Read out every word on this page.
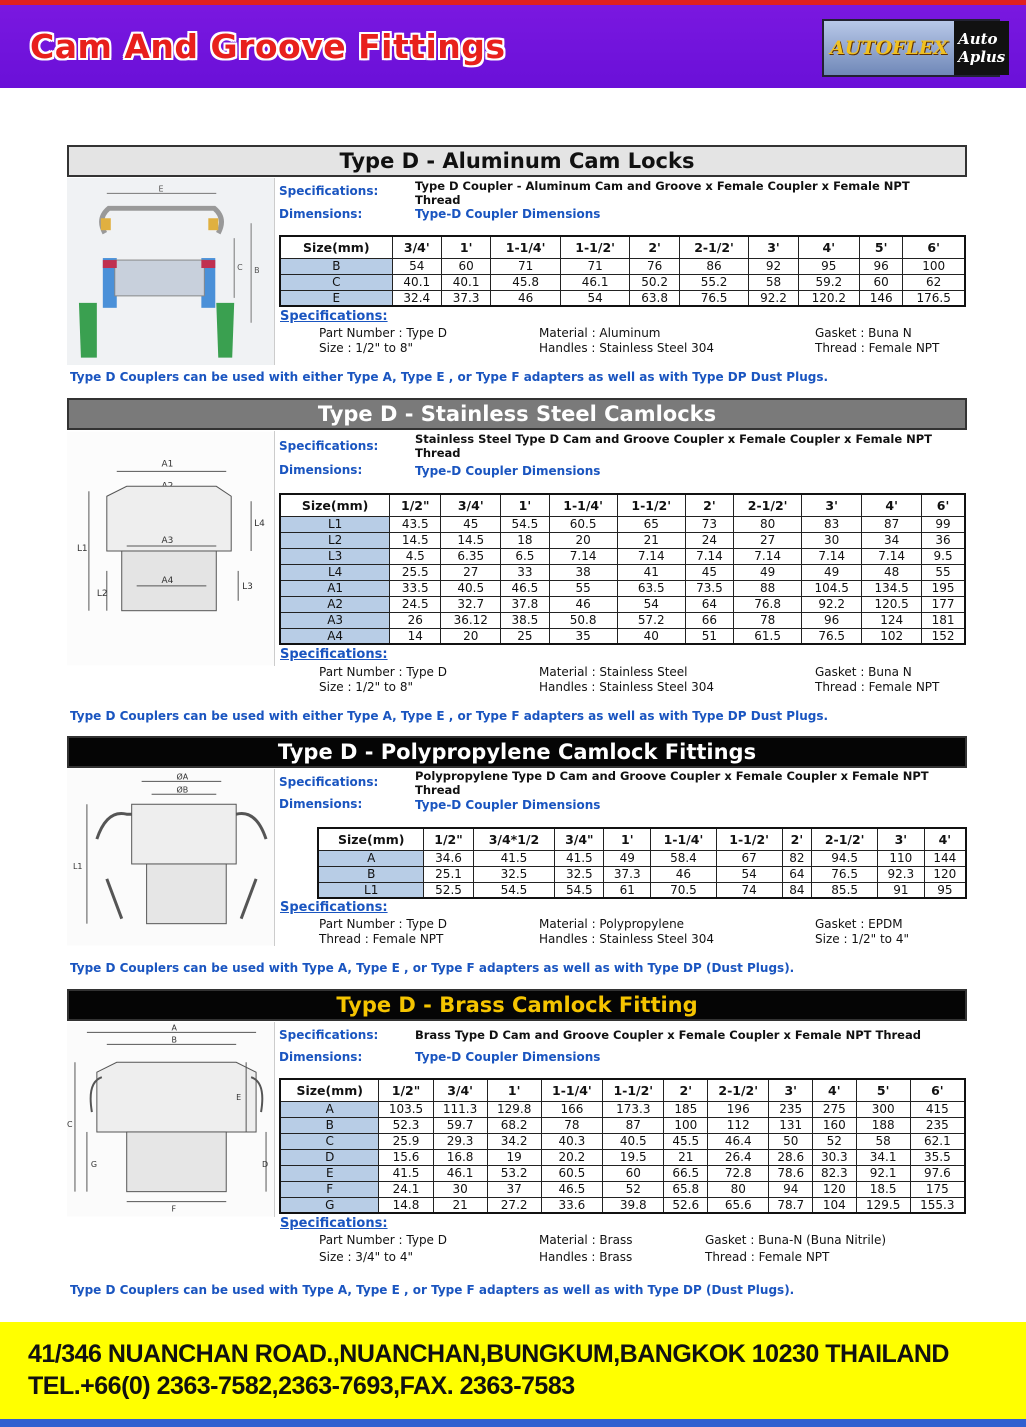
Cam And Groove Fittings	AUTOFLEX Auto Aplus
Type D - Aluminum Cam Locks
E
C B
Specifications:	Type D Coupler - Aluminum Cam and Groove x Female Coupler x Female NPT Thread
Dimensions:	Type-D Coupler Dimensions
Size(mm)	3/4'	1'	1-1/4'	1-1/2'	2'	2-1/2'	3'	4'	5'	6'
B	54	60	71	71	76	86	92	95	96	100
C	40.1	40.1	45.8	46.1	50.2	55.2	58	59.2	60	62
E	32.4	37.3	46	54	63.8	76.5	92.2	120.2	146	176.5
Specifications:
Part Number : Type D
Size : 1/2" to 8"
Material : Aluminum
Handles : Stainless Steel 304
Gasket : Buna N
Thread : Female NPT
Type D Couplers can be used with either Type A, Type E , or Type F adapters as well as with Type DP Dust Plugs.
Type D - Stainless Steel Camlocks
A1
A3
A4
L1
L2
L3
L4
Specifications:	Stainless Steel Type D Cam and Groove Coupler x Female Coupler x Female NPT Thread
Dimensions:	Type-D Coupler Dimensions
Size(mm)	1/2"	3/4'	1'	1-1/4'	1-1/2'	2'	2-1/2'	3'	4'	6'
L1	43.5	45	54.5	60.5	65	73	80	83	87	99
L2	14.5	14.5	18	20	21	24	27	30	34	36
L3	4.5	6.35	6.5	7.14	7.14	7.14	7.14	7.14	7.14	9.5
L4	25.5	27	33	38	41	45	49	49	48	55
A1	33.5	40.5	46.5	55	63.5	73.5	88	104.5	134.5	195
A2	24.5	32.7	37.8	46	54	64	76.8	92.2	120.5	177
A3	26	36.12	38.5	50.8	57.2	66	78	96	124	181
A4	14	20	25	35	40	51	61.5	76.5	102	152
Specifications:
Part Number : Type D
Size : 1/2" to 8"
Material : Stainless Steel
Handles : Stainless Steel 304
Gasket : Buna N
Thread : Female NPT
Type D Couplers can be used with either Type A, Type E , or Type F adapters as well as with Type DP Dust Plugs.
Type D - Polypropylene Camlock Fittings
ØA
ØB
L1
Specifications:	Polypropylene Type D Cam and Groove Coupler x Female Coupler x Female NPT Thread
Dimensions:	Type-D Coupler Dimensions
Size(mm)	1/2"	3/4*1/2	3/4"	1'	1-1/4'	1-1/2'	2'	2-1/2'	3'	4'
A	34.6	41.5	41.5	49	58.4	67	82	94.5	110	144
B	25.1	32.5	32.5	37.3	46	54	64	76.5	92.3	120
L1	52.5	54.5	54.5	61	70.5	74	84	85.5	91	95
Specifications:
Part Number : Type D
Thread : Female NPT
Material : Polypropylene
Handles : Stainless Steel 304
Gasket : EPDM
Size : 1/2" to 4"
Type D Couplers can be used with Type A, Type E , or Type F adapters as well as with Type DP (Dust Plugs).
Type D - Brass Camlock Fitting
A
B
C
D
E
F
G
Specifications:	Brass Type D Cam and Groove Coupler x Female Coupler x Female NPT Thread
Dimensions:	Type-D Coupler Dimensions
Size(mm)	1/2"	3/4'	1'	1-1/4'	1-1/2'	2'	2-1/2'	3'	4'	5'	6'
A	103.5	111.3	129.8	166	173.3	185	196	235	275	300	415
B	52.3	59.7	68.2	78	87	100	112	131	160	188	235
C	25.9	29.3	34.2	40.3	40.5	45.5	46.4	50	52	58	62.1
D	15.6	16.8	19	20.2	19.5	21	26.4	28.6	30.3	34.1	35.5
E	41.5	46.1	53.2	60.5	60	66.5	72.8	78.6	82.3	92.1	97.6
F	24.1	30	37	46.5	52	65.8	80	94	120	18.5	175
G	14.8	21	27.2	33.6	39.8	52.6	65.6	78.7	104	129.5	155.3
Specifications:
Part Number : Type D
Size : 3/4" to 4"
Material : Brass
Handles : Brass
Gasket : Buna-N (Buna Nitrile)
Thread : Female NPT
Type D Couplers can be used with Type A, Type E , or Type F adapters as well as with Type DP (Dust Plugs).
41/346 NUANCHAN ROAD.,NUANCHAN,BUNGKUM,BANGKOK 10230 THAILAND
TEL.+66(0) 2363-7582,2363-7693,FAX. 2363-7583
